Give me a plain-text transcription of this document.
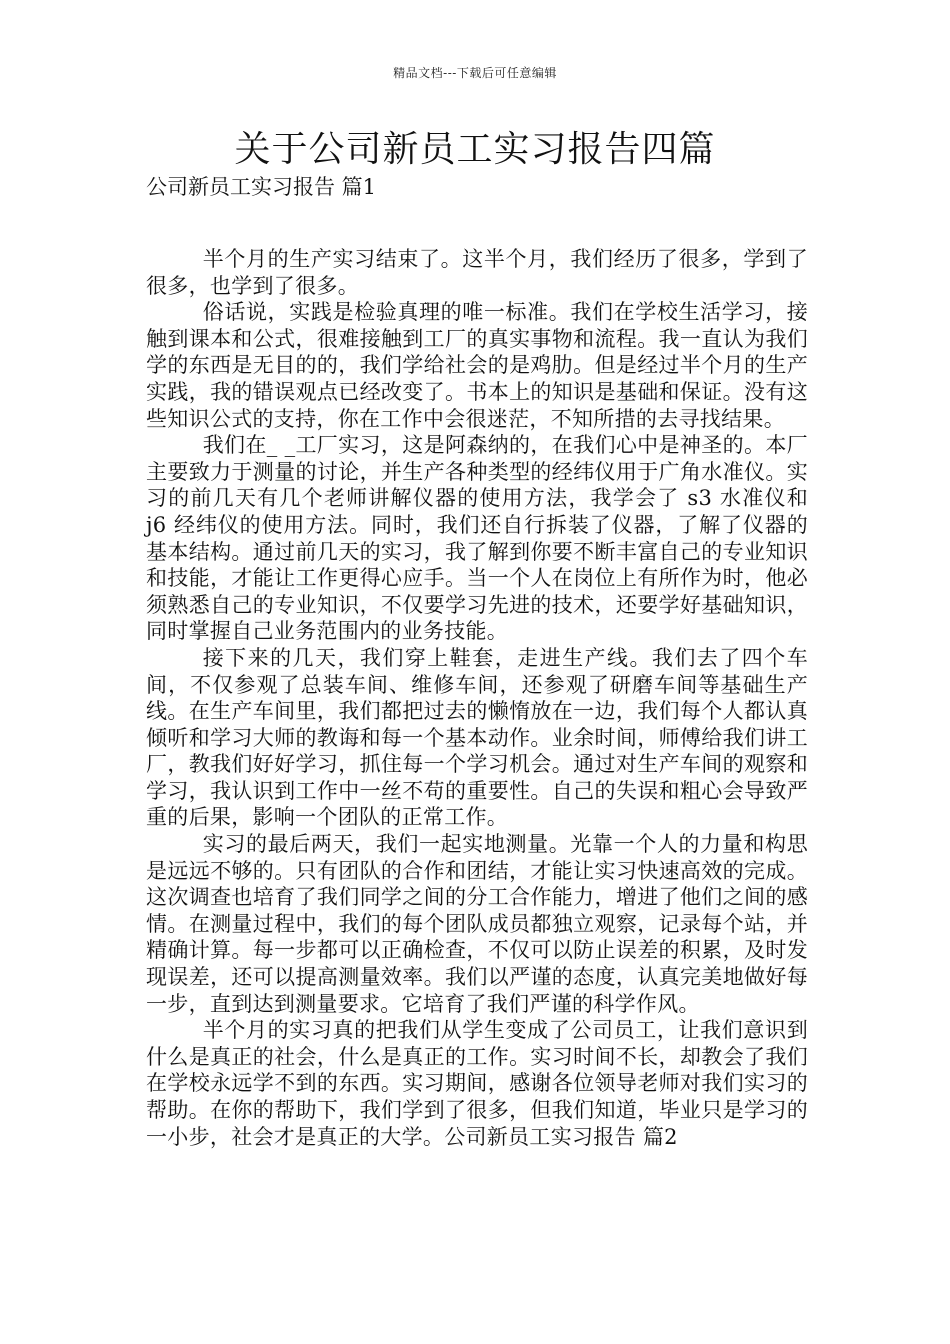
精品文档---下载后可任意编辑
关于公司新员工实习报告四篇
公司新员工实习报告 篇1

半个月的生产实习结束了。这半个月，我们经历了很多，学到了很多，也学到了很多。

俗话说，实践是检验真理的唯一标准。我们在学校生活学习，接触到课本和公式，很难接触到工厂的真实事物和流程。我一直认为我们学的东西是无目的的，我们学给社会的是鸡肋。但是经过半个月的生产实践，我的错误观点已经改变了。书本上的知识是基础和保证。没有这些知识公式的支持，你在工作中会很迷茫，不知所措的去寻找结果。

我们在_ _工厂实习，这是阿森纳的，在我们心中是神圣的。本厂主要致力于测量的讨论，并生产各种类型的经纬仪用于广角水准仪。实习的前几天有几个老师讲解仪器的使用方法，我学会了 s3 水准仪和 j6 经纬仪的使用方法。同时，我们还自行拆装了仪器，了解了仪器的基本结构。通过前几天的实习，我了解到你要不断丰富自己的专业知识和技能，才能让工作更得心应手。当一个人在岗位上有所作为时，他必须熟悉自己的专业知识，不仅要学习先进的技术，还要学好基础知识，同时掌握自己业务范围内的业务技能。

接下来的几天，我们穿上鞋套，走进生产线。我们去了四个车间，不仅参观了总装车间、维修车间，还参观了研磨车间等基础生产线。在生产车间里，我们都把过去的懒惰放在一边，我们每个人都认真倾听和学习大师的教诲和每一个基本动作。业余时间，师傅给我们讲工厂，教我们好好学习，抓住每一个学习机会。通过对生产车间的观察和学习，我认识到工作中一丝不苟的重要性。自己的失误和粗心会导致严重的后果，影响一个团队的正常工作。

实习的最后两天，我们一起实地测量。光靠一个人的力量和构思是远远不够的。只有团队的合作和团结，才能让实习快速高效的完成。这次调查也培育了我们同学之间的分工合作能力，增进了他们之间的感情。在测量过程中，我们的每个团队成员都独立观察，记录每个站，并精确计算。每一步都可以正确检查，不仅可以防止误差的积累，及时发现误差，还可以提高测量效率。我们以严谨的态度，认真完美地做好每一步，直到达到测量要求。它培育了我们严谨的科学作风。

半个月的实习真的把我们从学生变成了公司员工，让我们意识到什么是真正的社会，什么是真正的工作。实习时间不长，却教会了我们在学校永远学不到的东西。实习期间，感谢各位领导老师对我们实习的帮助。在你的帮助下，我们学到了很多，但我们知道，毕业只是学习的一小步，社会才是真正的大学。公司新员工实习报告 篇2
